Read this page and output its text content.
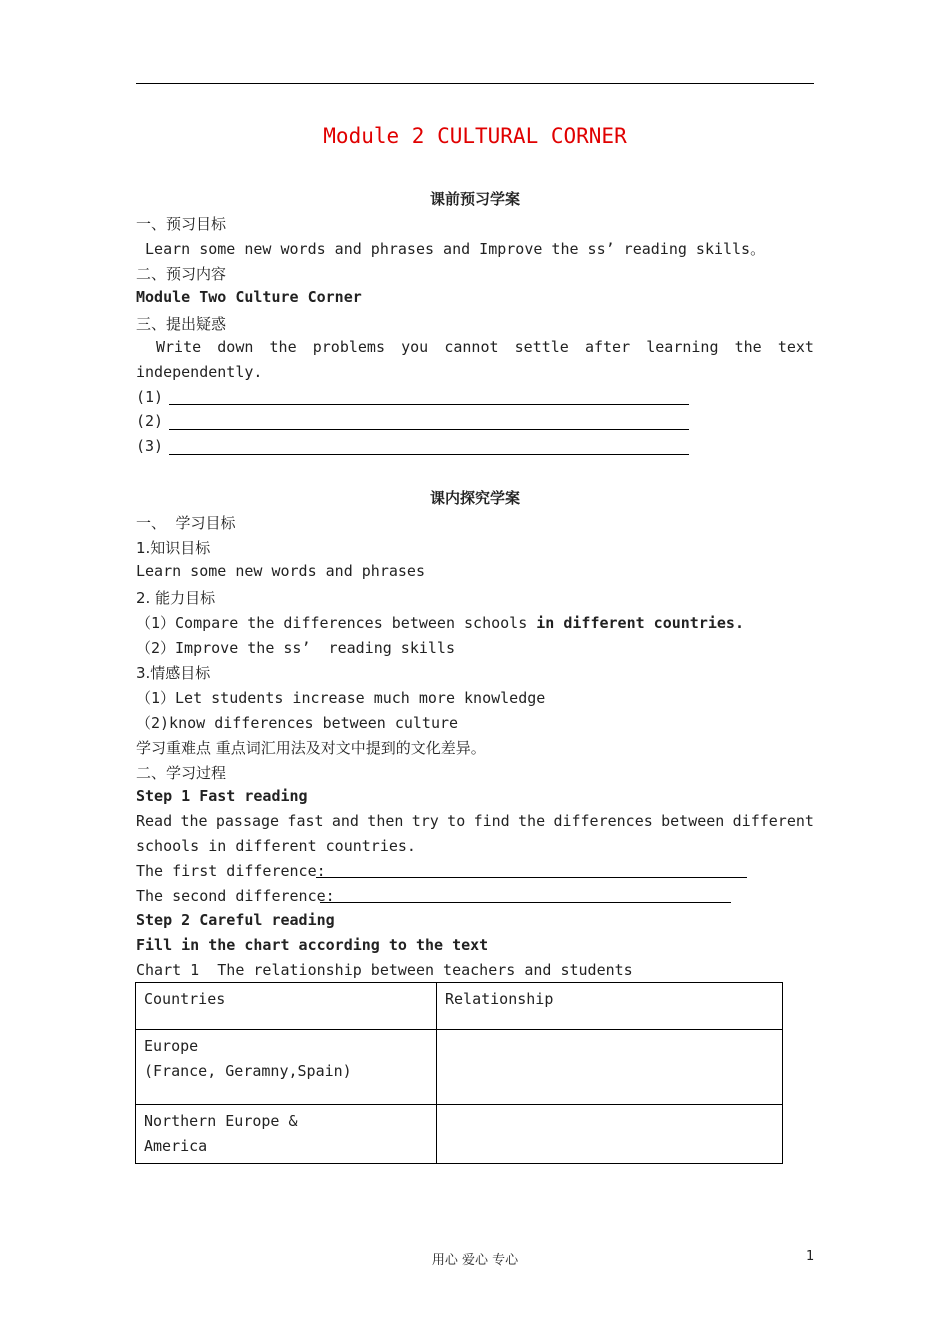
Module 2 CULTURAL CORNER
课前预习学案
一、预习目标
Learn some new words and phrases and Improve the ss’ reading skills。
二、预习内容
Module Two Culture Corner
三、提出疑惑
Write down the problems you cannot settle after learning the text
independently.
(1)
(2)
(3)
课内探究学案
一、  学习目标
1.知识目标
Learn some new words and phrases
2. 能力目标
（1）Compare the differences between schools in different countries.
（2）Improve the ss’  reading skills
3.情感目标
（1）Let students increase much more knowledge
（2)know differences between culture
学习重难点 重点词汇用法及对文中提到的文化差异。
二、学习过程
Step 1 Fast reading
Read the passage fast and then try to find the differences between different
schools in different countries.
The first difference:
The second difference:
Step 2 Careful reading
Fill in the chart according to the text
Chart 1  The relationship between teachers and students
Countries	Relationship

Europe
(France, Geramny,Spain)	

Northern Europe &
America	

用心 爱心 专心	1
